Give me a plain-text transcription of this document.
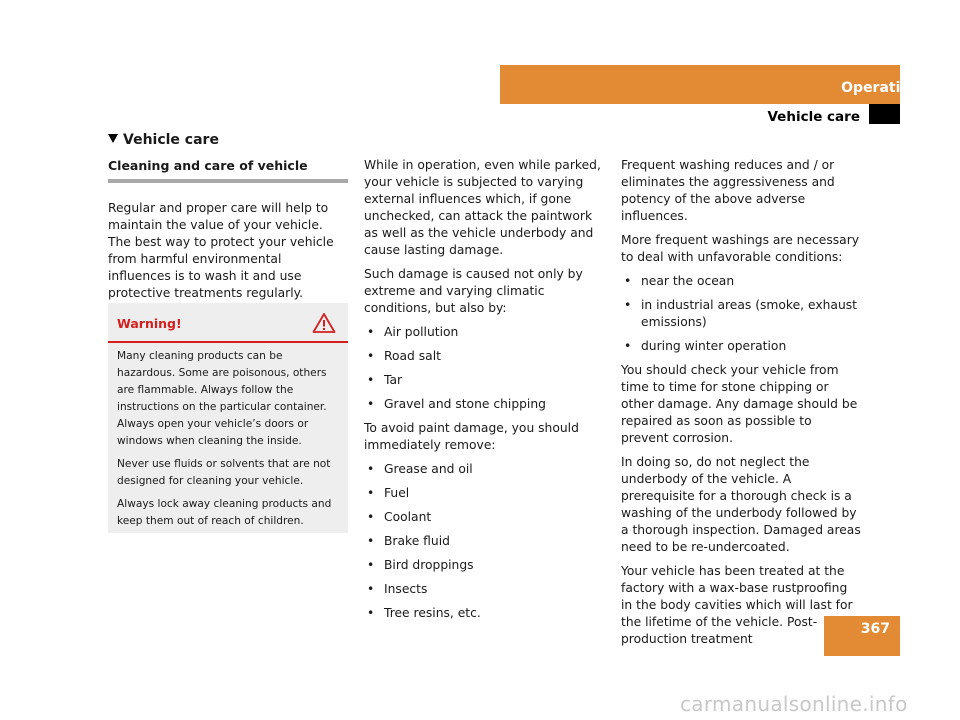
Operation
Vehicle care
Vehicle care
Cleaning and care of vehicle

Regular and proper care will help to maintain the value of your vehicle. The best way to protect your vehicle from harmful environmental influences is to wash it and use protective treatments regularly.

Warning!

Many cleaning products can be hazardous. Some are poisonous, others are flammable. Always follow the instructions on the particular container. Always open your vehicle’s doors or windows when cleaning the inside.

Never use fluids or solvents that are not designed for cleaning your vehicle.

Always lock away cleaning products and keep them out of reach of children.

While in operation, even while parked, your vehicle is subjected to varying external influences which, if gone unchecked, can attack the paintwork as well as the vehicle underbody and cause lasting damage.

Such damage is caused not only by extreme and varying climatic conditions, but also by:

• Air pollution
• Road salt
• Tar
• Gravel and stone chipping

To avoid paint damage, you should immediately remove:

• Grease and oil
• Fuel
• Coolant
• Brake fluid
• Bird droppings
• Insects
• Tree resins, etc.

Frequent washing reduces and / or eliminates the aggressiveness and potency of the above adverse influences.

More frequent washings are necessary to deal with unfavorable conditions:

• near the ocean
• in industrial areas (smoke, exhaust emissions)
• during winter operation

You should check your vehicle from time to time for stone chipping or other damage. Any damage should be repaired as soon as possible to prevent corrosion.

In doing so, do not neglect the underbody of the vehicle. A prerequisite for a thorough check is a washing of the underbody followed by a thorough inspection. Damaged areas need to be re-undercoated.

Your vehicle has been treated at the factory with a wax-base rustproofing in the body cavities which will last for the lifetime of the vehicle. Post-production treatment

367
carmanualsonline.info
